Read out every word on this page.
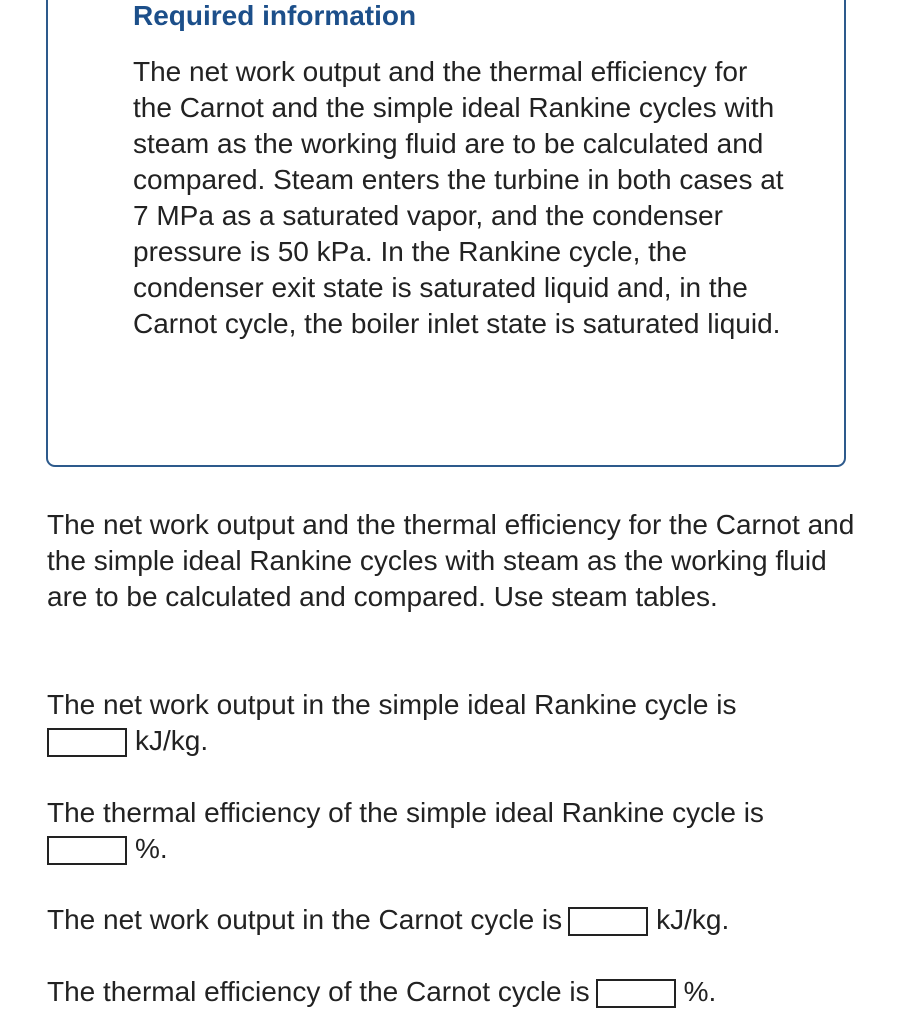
Required information

The net work output and the thermal efficiency for the Carnot and the simple ideal Rankine cycles with steam as the working fluid are to be calculated and compared. Steam enters the turbine in both cases at 7 MPa as a saturated vapor, and the condenser pressure is 50 kPa. In the Rankine cycle, the condenser exit state is saturated liquid and, in the Carnot cycle, the boiler inlet state is saturated liquid.

The net work output and the thermal efficiency for the Carnot and the simple ideal Rankine cycles with steam as the working fluid are to be calculated and compared. Use steam tables.

The net work output in the simple ideal Rankine cycle is
kJ/kg.
The thermal efficiency of the simple ideal Rankine cycle is
%.
The net work output in the Carnot cycle is	kJ/kg.
The thermal efficiency of the Carnot cycle is	%.
